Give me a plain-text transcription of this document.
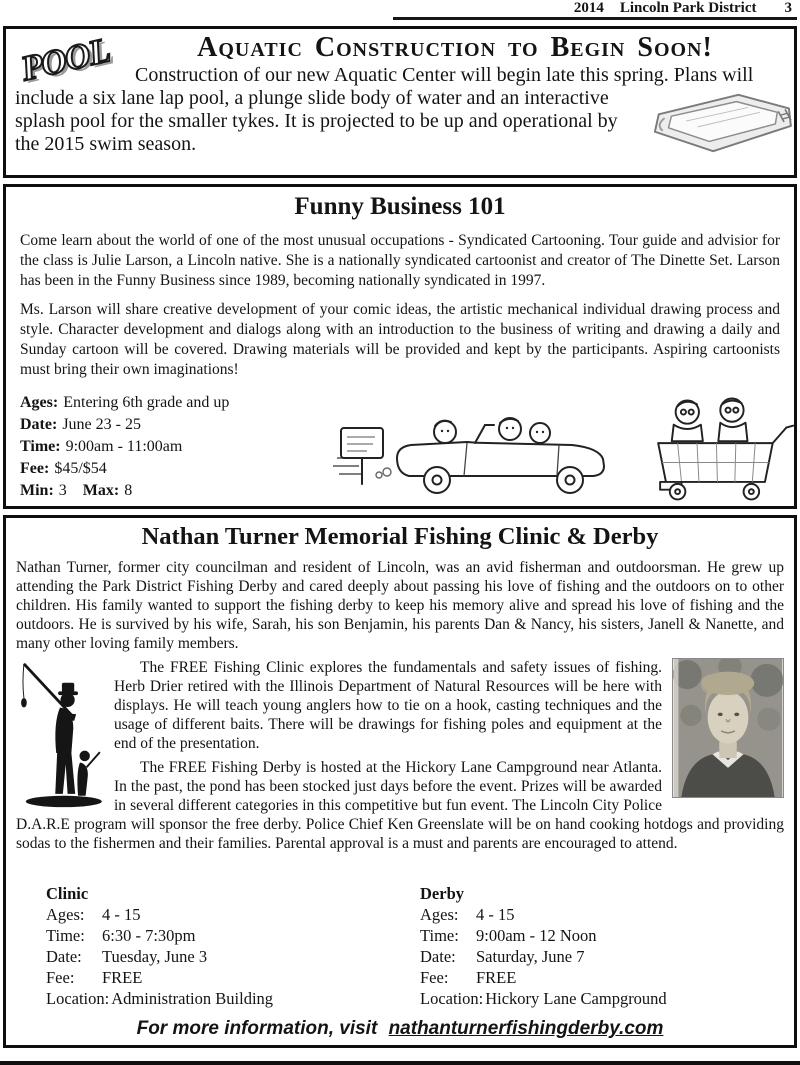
2014 Lincoln Park District 3
POOL	Aquatic Construction to Begin Soon!

Construction of our new Aquatic Center will begin late this spring. Plans will include a six lane lap pool, a plunge slide body of water and an interactive splash pool for the smaller tykes. It is projected to be up and operational by the 2015 swim season.

Funny Business 101

Come learn about the world of one of the most unusual occupations - Syndicated Cartooning. Tour guide and advisior for the class is Julie Larson, a Lincoln native. She is a nationally syndicated cartoonist and creator of The Dinette Set. Larson has been in the Funny Business since 1989, becoming nationally syndicated in 1997.

Ms. Larson will share creative development of your comic ideas, the artistic mechanical individual drawing process and style. Character development and dialogs along with an introduction to the business of writing and drawing a daily and Sunday cartoon will be covered. Drawing materials will be provided and kept by the participants. Aspiring cartoonists must bring their own imaginations!

Ages: Entering 6th grade and up
Date: June 23 - 25
Time: 9:00am - 11:00am
Fee: $45/$54
Min: 3 Max: 8
Nathan Turner Memorial Fishing Clinic & Derby

Nathan Turner, former city councilman and resident of Lincoln, was an avid fisherman and outdoorsman. He grew up attending the Park District Fishing Derby and cared deeply about passing his love of fishing and the outdoors on to other children. His family wanted to support the fishing derby to keep his memory alive and spread his love of fishing and the outdoors. He is survived by his wife, Sarah, his son Benjamin, his parents Dan & Nancy, his sisters, Janell & Nanette, and many other loving family members.

The FREE Fishing Clinic explores the fundamentals and safety issues of fishing. Herb Drier retired with the Illinois Department of Natural Resources will be here with displays. He will teach young anglers how to tie on a hook, casting techniques and the usage of different baits. There will be drawings for fishing poles and equipment at the end of the presentation.

The FREE Fishing Derby is hosted at the Hickory Lane Campground near Atlanta. In the past, the pond has been stocked just days before the event. Prizes will be awarded in several different categories in this competitive but fun event. The Lincoln City Police D.A.R.E program will sponsor the free derby. Police Chief Ken Greenslate will be on hand cooking hotdogs and providing sodas to the fishermen and their families. Parental approval is a must and parents are encouraged to attend.

Clinic
Ages: 4 - 15
Time: 6:30 - 7:30pm
Date: Tuesday, June 3
Fee: FREE
Location: Administration Building
Derby
Ages: 4 - 15
Time: 9:00am - 12 Noon
Date: Saturday, June 7
Fee: FREE
Location: Hickory Lane Campground
For more information, visit nathanturnerfishingderby.com
